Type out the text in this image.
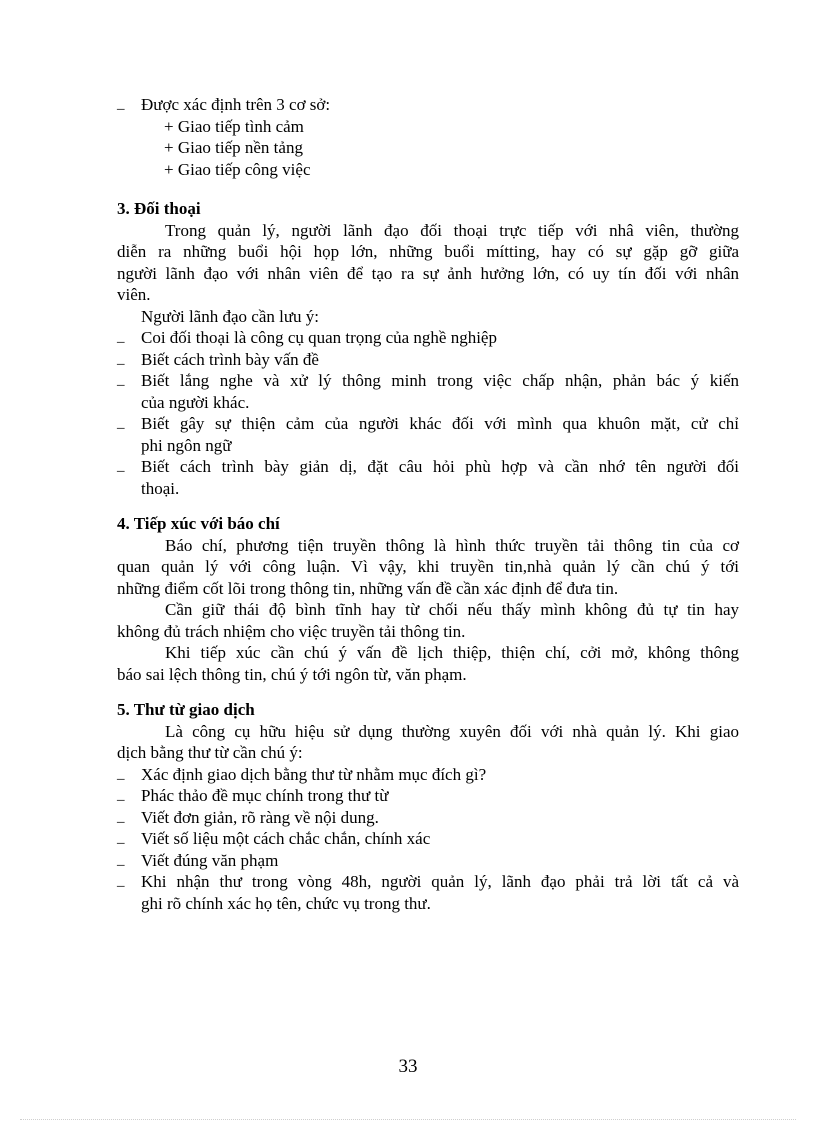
_ Được xác định trên 3 cơ sở:
+ Giao tiếp tình cảm
+ Giao tiếp nền tảng
+ Giao tiếp công việc
3. Đối thoại
Trong quản lý, người lãnh đạo đối thoại trực tiếp với nhâ viên, thường
diễn ra những buổi hội họp lớn, những buổi mítting, hay có sự gặp gỡ giữa
người lãnh đạo với nhân viên để tạo ra sự ảnh hưởng lớn, có uy tín đối với nhân
viên.
Người lãnh đạo cần lưu ý:
_ Coi đối thoại là công cụ quan trọng của nghề nghiệp
_ Biết cách trình bày vấn đề
_ Biết lắng nghe và xử lý thông minh trong việc chấp nhận, phản bác ý kiến
của người khác.
_ Biết gây sự thiện cảm của người khác đối với mình qua khuôn mặt, cử chỉ
phi ngôn ngữ
_ Biết cách trình bày giản dị, đặt câu hỏi phù hợp và cần nhớ tên người đối
thoại.
4. Tiếp xúc với báo chí
Báo chí, phương tiện truyền thông là hình thức truyền tải thông tin của cơ
quan quản lý với công luận. Vì vậy, khi truyền tin,nhà quản lý cần chú ý tới
những điểm cốt lõi trong thông tin, những vấn đề cần xác định để đưa tin.
Cần giữ thái độ bình tĩnh hay từ chối nếu thấy mình không đủ tự tin hay
không đủ trách nhiệm cho việc truyền tải thông tin.
Khi tiếp xúc cần chú ý vấn đề lịch thiệp, thiện chí, cởi mở, không thông
báo sai lệch thông tin, chú ý tới ngôn từ, văn phạm.
5. Thư từ giao dịch
Là công cụ hữu hiệu sử dụng thường xuyên đối với nhà quản lý. Khi giao
dịch bằng thư từ cần chú ý:
_ Xác định giao dịch bằng thư từ nhằm mục đích gì?
_ Phác thảo đề mục chính trong thư từ
_ Viết đơn giản, rõ ràng về nội dung.
_ Viết số liệu một cách chắc chắn, chính xác
_ Viết đúng văn phạm
_ Khi nhận thư trong vòng 48h, người quản lý, lãnh đạo phải trả lời tất cả và
ghi rõ chính xác họ tên, chức vụ trong thư.
33
